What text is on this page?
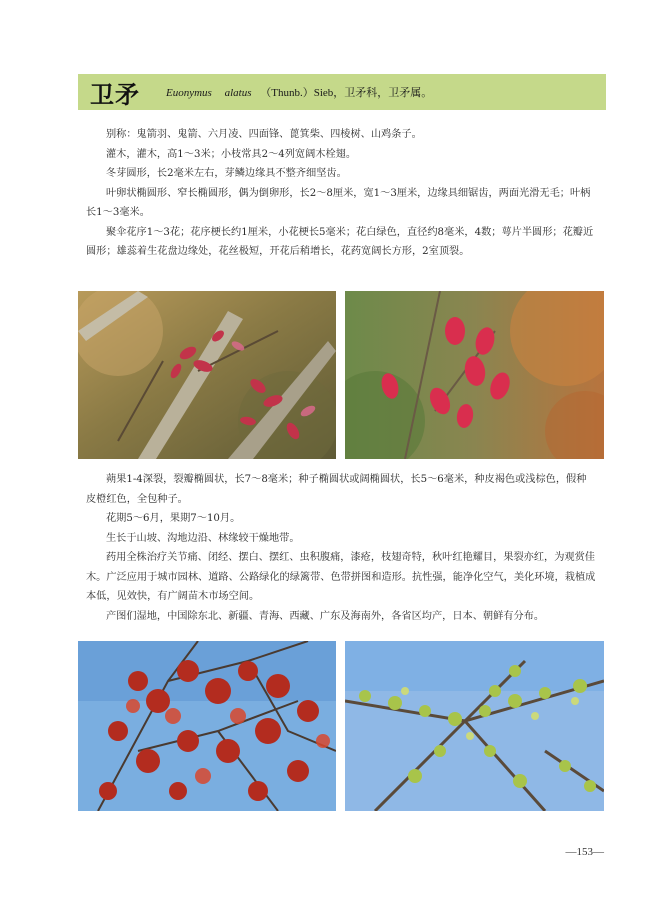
卫矛 Euonymus alatus （Thunb.）Sieb，卫矛科，卫矛属。

别称：鬼箭羽、鬼箭、六月凌、四面锋、蓖箕柴、四棱树、山鸡条子。

灌木，灌木，高1～3米；小枝常具2～4列宽阔木栓翅。

冬芽圆形，长2毫米左右，芽鳞边缘具不整齐细坚齿。

叶卵状椭圆形、窄长椭圆形，偶为倒卵形，长2～8厘米，宽1～3厘米，边缘具细锯齿，两面光滑无毛；叶柄长1～3毫米。

聚伞花序1～3花；花序梗长约1厘米，小花梗长5毫米；花白绿色，直径约8毫米，4数；萼片半圆形；花瓣近圆形；雄蕊着生花盘边缘处，花丝极短，开花后稍增长，花药宽阔长方形，2室顶裂。

蒴果1-4深裂，裂瓣椭圆状，长7～8毫米；种子椭圆状或阔椭圆状，长5～6毫米，种皮褐色或浅棕色，假种皮橙红色，全包种子。

花期5～6月，果期7～10月。

生长于山坡、沟地边沿、林缘较干燥地带。

药用全株治疗关节痛、闭经、摆白、摆红、虫积腹痛，漆疮，枝翅奇特，秋叶红艳耀目，果裂亦红，为观赏佳木。广泛应用于城市园林、道路、公路绿化的绿篱带、色带拼图和造形。抗性强，能净化空气，美化环境，栽植成本低，见效快，有广阔苗木市场空间。

产图们湿地，中国除东北、新疆、青海、西藏、广东及海南外，各省区均产，日本、朝鲜有分布。

—153—
